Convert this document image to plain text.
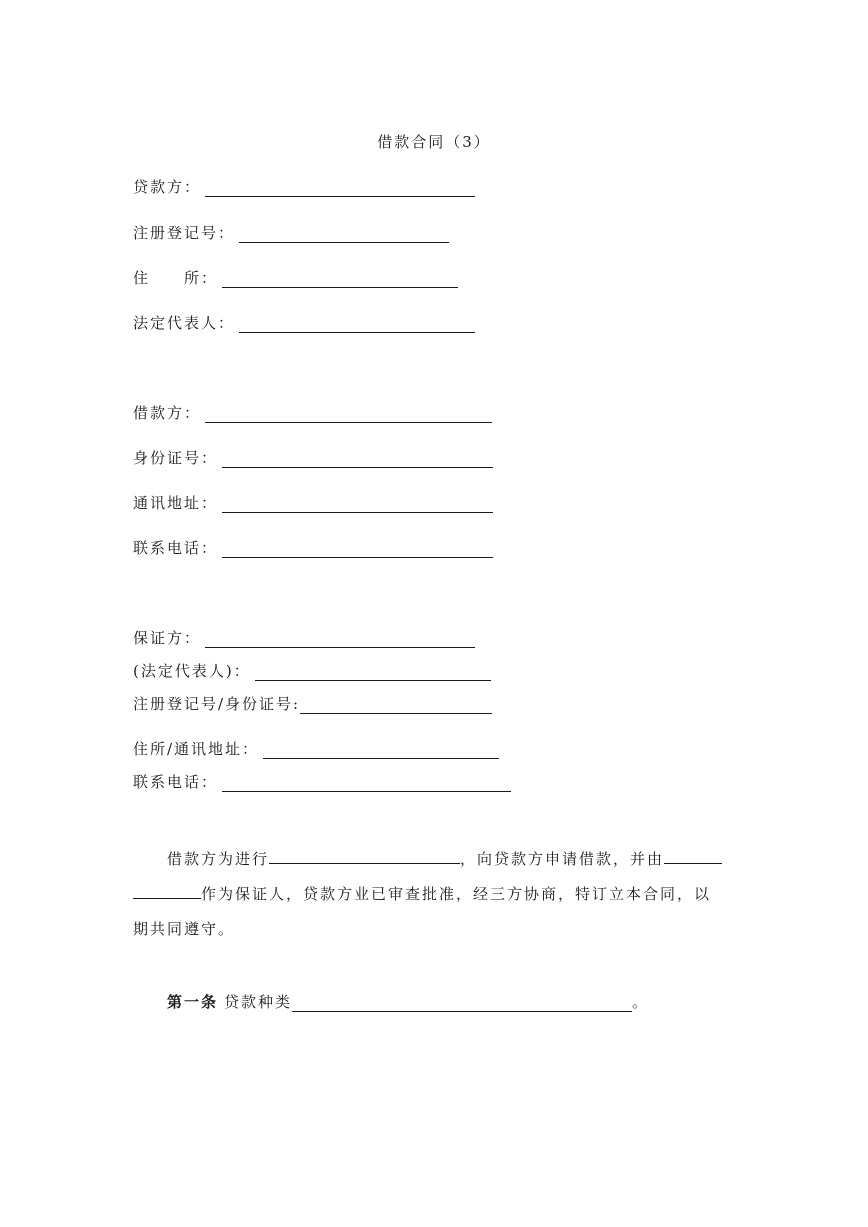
借款合同（3）
贷款方：
注册登记号：
住　　所：
法定代表人：
借款方：
身份证号：
通讯地址：
联系电话：
保证方：
(法定代表人)：
注册登记号/身份证号:
住所/通讯地址：
联系电话：
借款方为进行	，向贷款方申请借款，并由
作为保证人，贷款方业已审查批准，经三方协商，特订立本合同，以
期共同遵守。
第一条 贷款种类	。
